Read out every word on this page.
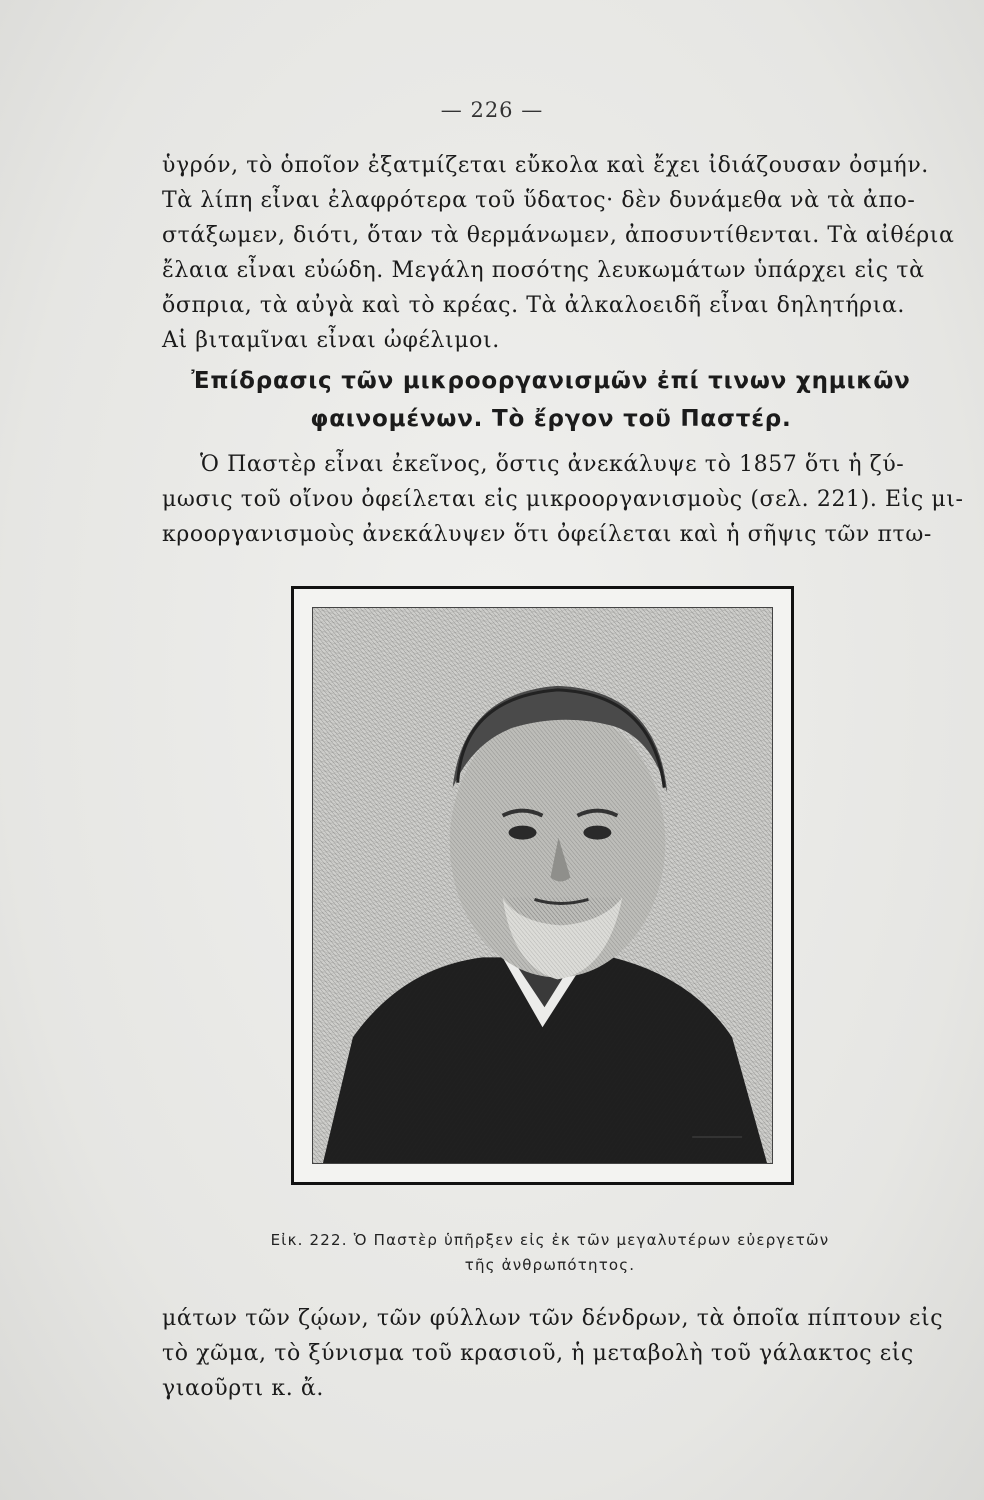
— 226 —

ὑγρόν, τὸ ὁποῖον ἐξατμίζεται εὔκολα καὶ ἔχει ἰδιάζουσαν ὀσμήν.
Τὰ λίπη εἶναι ἐλαφρότερα τοῦ ὕδατος· δὲν δυνάμεθα νὰ τὰ ἀπο-
στάξωμεν, διότι, ὅταν τὰ θερμάνωμεν, ἀποσυντίθενται. Τὰ αἰθέρια
ἔλαια εἶναι εὐώδη. Μεγάλη ποσότης λευκωμάτων ὑπάρχει εἰς τὰ
ὄσπρια, τὰ αὐγὰ καὶ τὸ κρέας. Τὰ ἀλκαλοειδῆ εἶναι δηλητήρια.
Αἱ βιταμῖναι εἶναι ὠφέλιμοι.

Ἐπίδρασις τῶν μικροοργανισμῶν ἐπί τινων χημικῶν
φαινομένων. Τὸ ἔργον τοῦ Παστέρ.

Ὁ Παστὲρ εἶναι ἐκεῖνος, ὅστις ἀνεκάλυψε τὸ 1857 ὅτι ἡ ζύ-
μωσις τοῦ οἴνου ὀφείλεται εἰς μικροοργανισμοὺς (σελ. 221). Εἰς μι-
κροοργανισμοὺς ἀνεκάλυψεν ὅτι ὀφείλεται καὶ ἡ σῆψις τῶν πτω-

Εἰκ. 222. Ὁ Παστὲρ ὑπῆρξεν εἰς ἐκ τῶν μεγαλυτέρων εὐεργετῶν
τῆς ἀνθρωπότητος.

μάτων τῶν ζῴων, τῶν φύλλων τῶν δένδρων, τὰ ὁποῖα πίπτουν εἰς
τὸ χῶμα, τὸ ξύνισμα τοῦ κρασιοῦ, ἡ μεταβολὴ τοῦ γάλακτος εἰς
γιαοῦρτι κ. ἄ.
